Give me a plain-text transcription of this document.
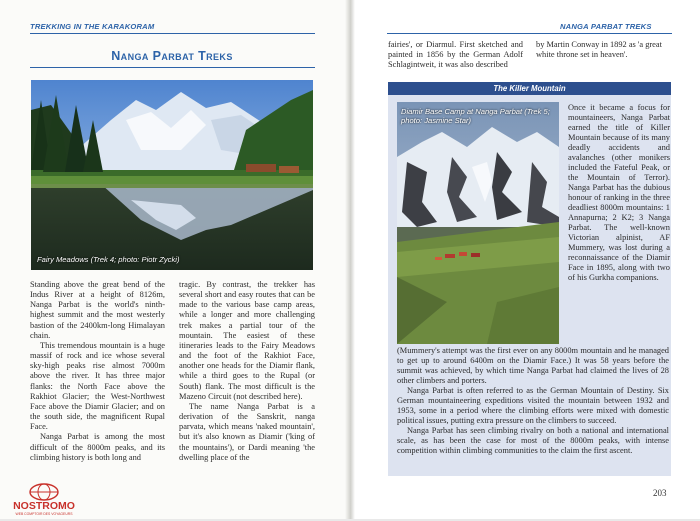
TREKKING IN THE KARAKORAM
Nanga Parbat Treks
Fairy Meadows (Trek 4; photo: Piotr Zycki)

Standing above the great bend of the Indus River at a height of 8126m, Nanga Parbat is the world's ninth-highest summit and the most westerly bastion of the 2400km-long Himalayan chain.

This tremendous mountain is a huge massif of rock and ice whose several sky-high peaks rise almost 7000m above the river. It has three major flanks: the North Face above the Rakhiot Glacier; the West-Northwest Face above the Diamir Glacier; and on the south side, the magnificent Rupal Face.

Nanga Parbat is among the most difficult of the 8000m peaks, and its climbing history is both long and

tragic. By contrast, the trekker has several short and easy routes that can be made to the various base camp areas, while a longer and more challenging trek makes a partial tour of the mountain. The easiest of these itineraries leads to the Fairy Meadows and the foot of the Rakhiot Face, another one heads for the Diamir flank, while a third goes to the Rupal (or South) flank. The most difficult is the Mazeno Circuit (not described here).

The name Nanga Parbat is a derivation of the Sanskrit, nanga parvata, which means 'naked mountain', but it's also known as Diamir ('king of the mountains'), or Dardi meaning 'the dwelling place of the

NANGA PARBAT TREKS

fairies', or Diarmul. First sketched and painted in 1856 by the German Adolf Schlagintweit, it was also described

by Martin Conway in 1892 as 'a great white throne set in heaven'.

The Killer Mountain
Diamir Base Camp at Nanga Parbat (Trek 5;
photo: Jasmine Star)

Once it became a focus for mountaineers, Nanga Parbat earned the title of Killer Mountain because of its many deadly accidents and avalanches (other monikers included the Fateful Peak, or the Mountain of Terror). Nanga Parbat has the dubious honour of ranking in the three deadliest 8000m mountains: 1 Annapurna; 2 K2; 3 Nanga Parbat. The well-known Victorian alpinist, AF Mummery, was lost during a reconnaissance of the Diamir Face in 1895, along with two of his Gurkha companions.

(Mummery's attempt was the first ever on any 8000m mountain and he managed to get up to around 6400m on the Diamir Face.) It was 58 years before the summit was achieved, by which time Nanga Parbat had claimed the lives of 28 other climbers and porters.

Nanga Parbat is often referred to as the German Mountain of Destiny. Six German mountaineering expeditions visited the mountain between 1932 and 1953, some in a period where the climbing efforts were mixed with domestic political issues, putting extra pressure on the climbers to succeed.

Nanga Parbat has seen climbing rivalry on both a national and international scale, as has been the case for most of the 8000m peaks, with intense competition within climbing communities to the claim the first ascent.

203
NOSTROMO
WEB COMPTOIR DES VOYAGEURS
